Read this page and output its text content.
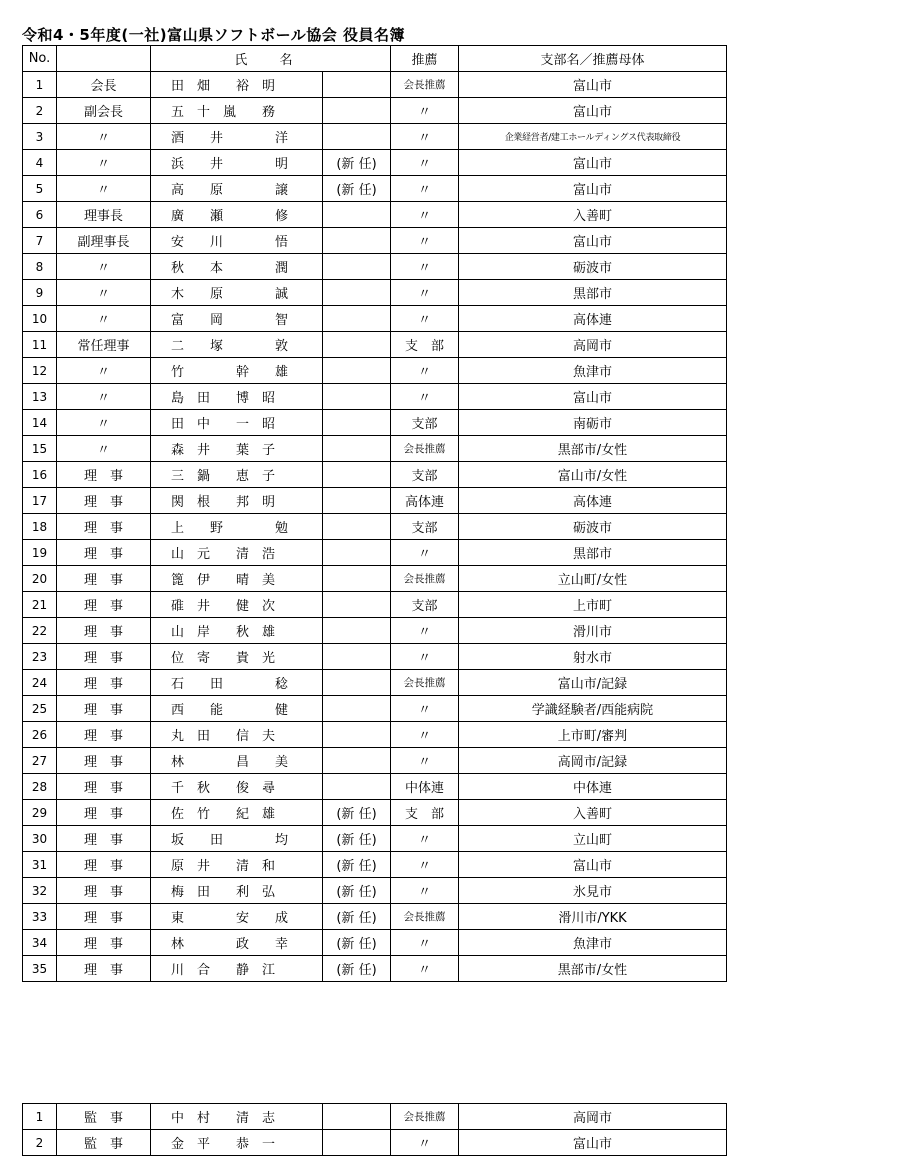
令和4・5年度(一社)富山県ソフトボール協会 役員名簿
No.		氏 名		推薦	支部名／推薦母体
1	会長	田　畑　　裕　明		会長推薦	富山市
2	副会長	五　十　嵐　　務		〃	富山市
3	〃	酒　　井　　　　洋		〃	企業経営者/建工ホールディングス代表取締役
4	〃	浜　　井　　　　明	(新 任)	〃	富山市
5	〃	高　　原　　　　譲	(新 任)	〃	富山市
6	理事長	廣　　瀬　　　　修		〃	入善町
7	副理事長	安　　川　　　　悟		〃	富山市
8	〃	秋　　本　　　　潤		〃	砺波市
9	〃	木　　原　　　　誠		〃	黒部市
10	〃	富　　岡　　　　智		〃	高体連
11	常任理事	二　　塚　　　　敦		支　部	高岡市
12	〃	竹　　　　幹　　雄		〃	魚津市
13	〃	島　田　　博　昭		〃	富山市
14	〃	田　中　　一　昭		支部	南砺市
15	〃	森　井　　葉　子		会長推薦	黒部市/女性
16	理　事	三　鍋　　恵　子		支部	富山市/女性
17	理　事	関　根　　邦　明		高体連	高体連
18	理　事	上　　野　　　　勉		支部	砺波市
19	理　事	山　元　　清　浩		〃	黒部市
20	理　事	篦　伊　　晴　美		会長推薦	立山町/女性
21	理　事	碓　井　　健　次		支部	上市町
22	理　事	山　岸　　秋　雄		〃	滑川市
23	理　事	位　寄　　貴　光		〃	射水市
24	理　事	石　　田　　　　稔		会長推薦	富山市/記録
25	理　事	西　　能　　　　健		〃	学識経験者/西能病院
26	理　事	丸　田　　信　夫		〃	上市町/審判
27	理　事	林　　　　昌　　美		〃	高岡市/記録
28	理　事	千　秋　　俊　尋		中体連	中体連
29	理　事	佐　竹　　紀　雄	(新 任)	支　部	入善町
30	理　事	坂　　田　　　　均	(新 任)	〃	立山町
31	理　事	原　井　　清　和	(新 任)	〃	富山市
32	理　事	梅　田　　利　弘	(新 任)	〃	氷見市
33	理　事	東　　　　安　　成	(新 任)	会長推薦	滑川市/YKK
34	理　事	林　　　　政　　幸	(新 任)	〃	魚津市
35	理　事	川　合　　静　江	(新 任)	〃	黒部市/女性
1	監　事	中　村　　清　志		会長推薦	高岡市
2	監　事	金　平　　恭　一		〃	富山市
